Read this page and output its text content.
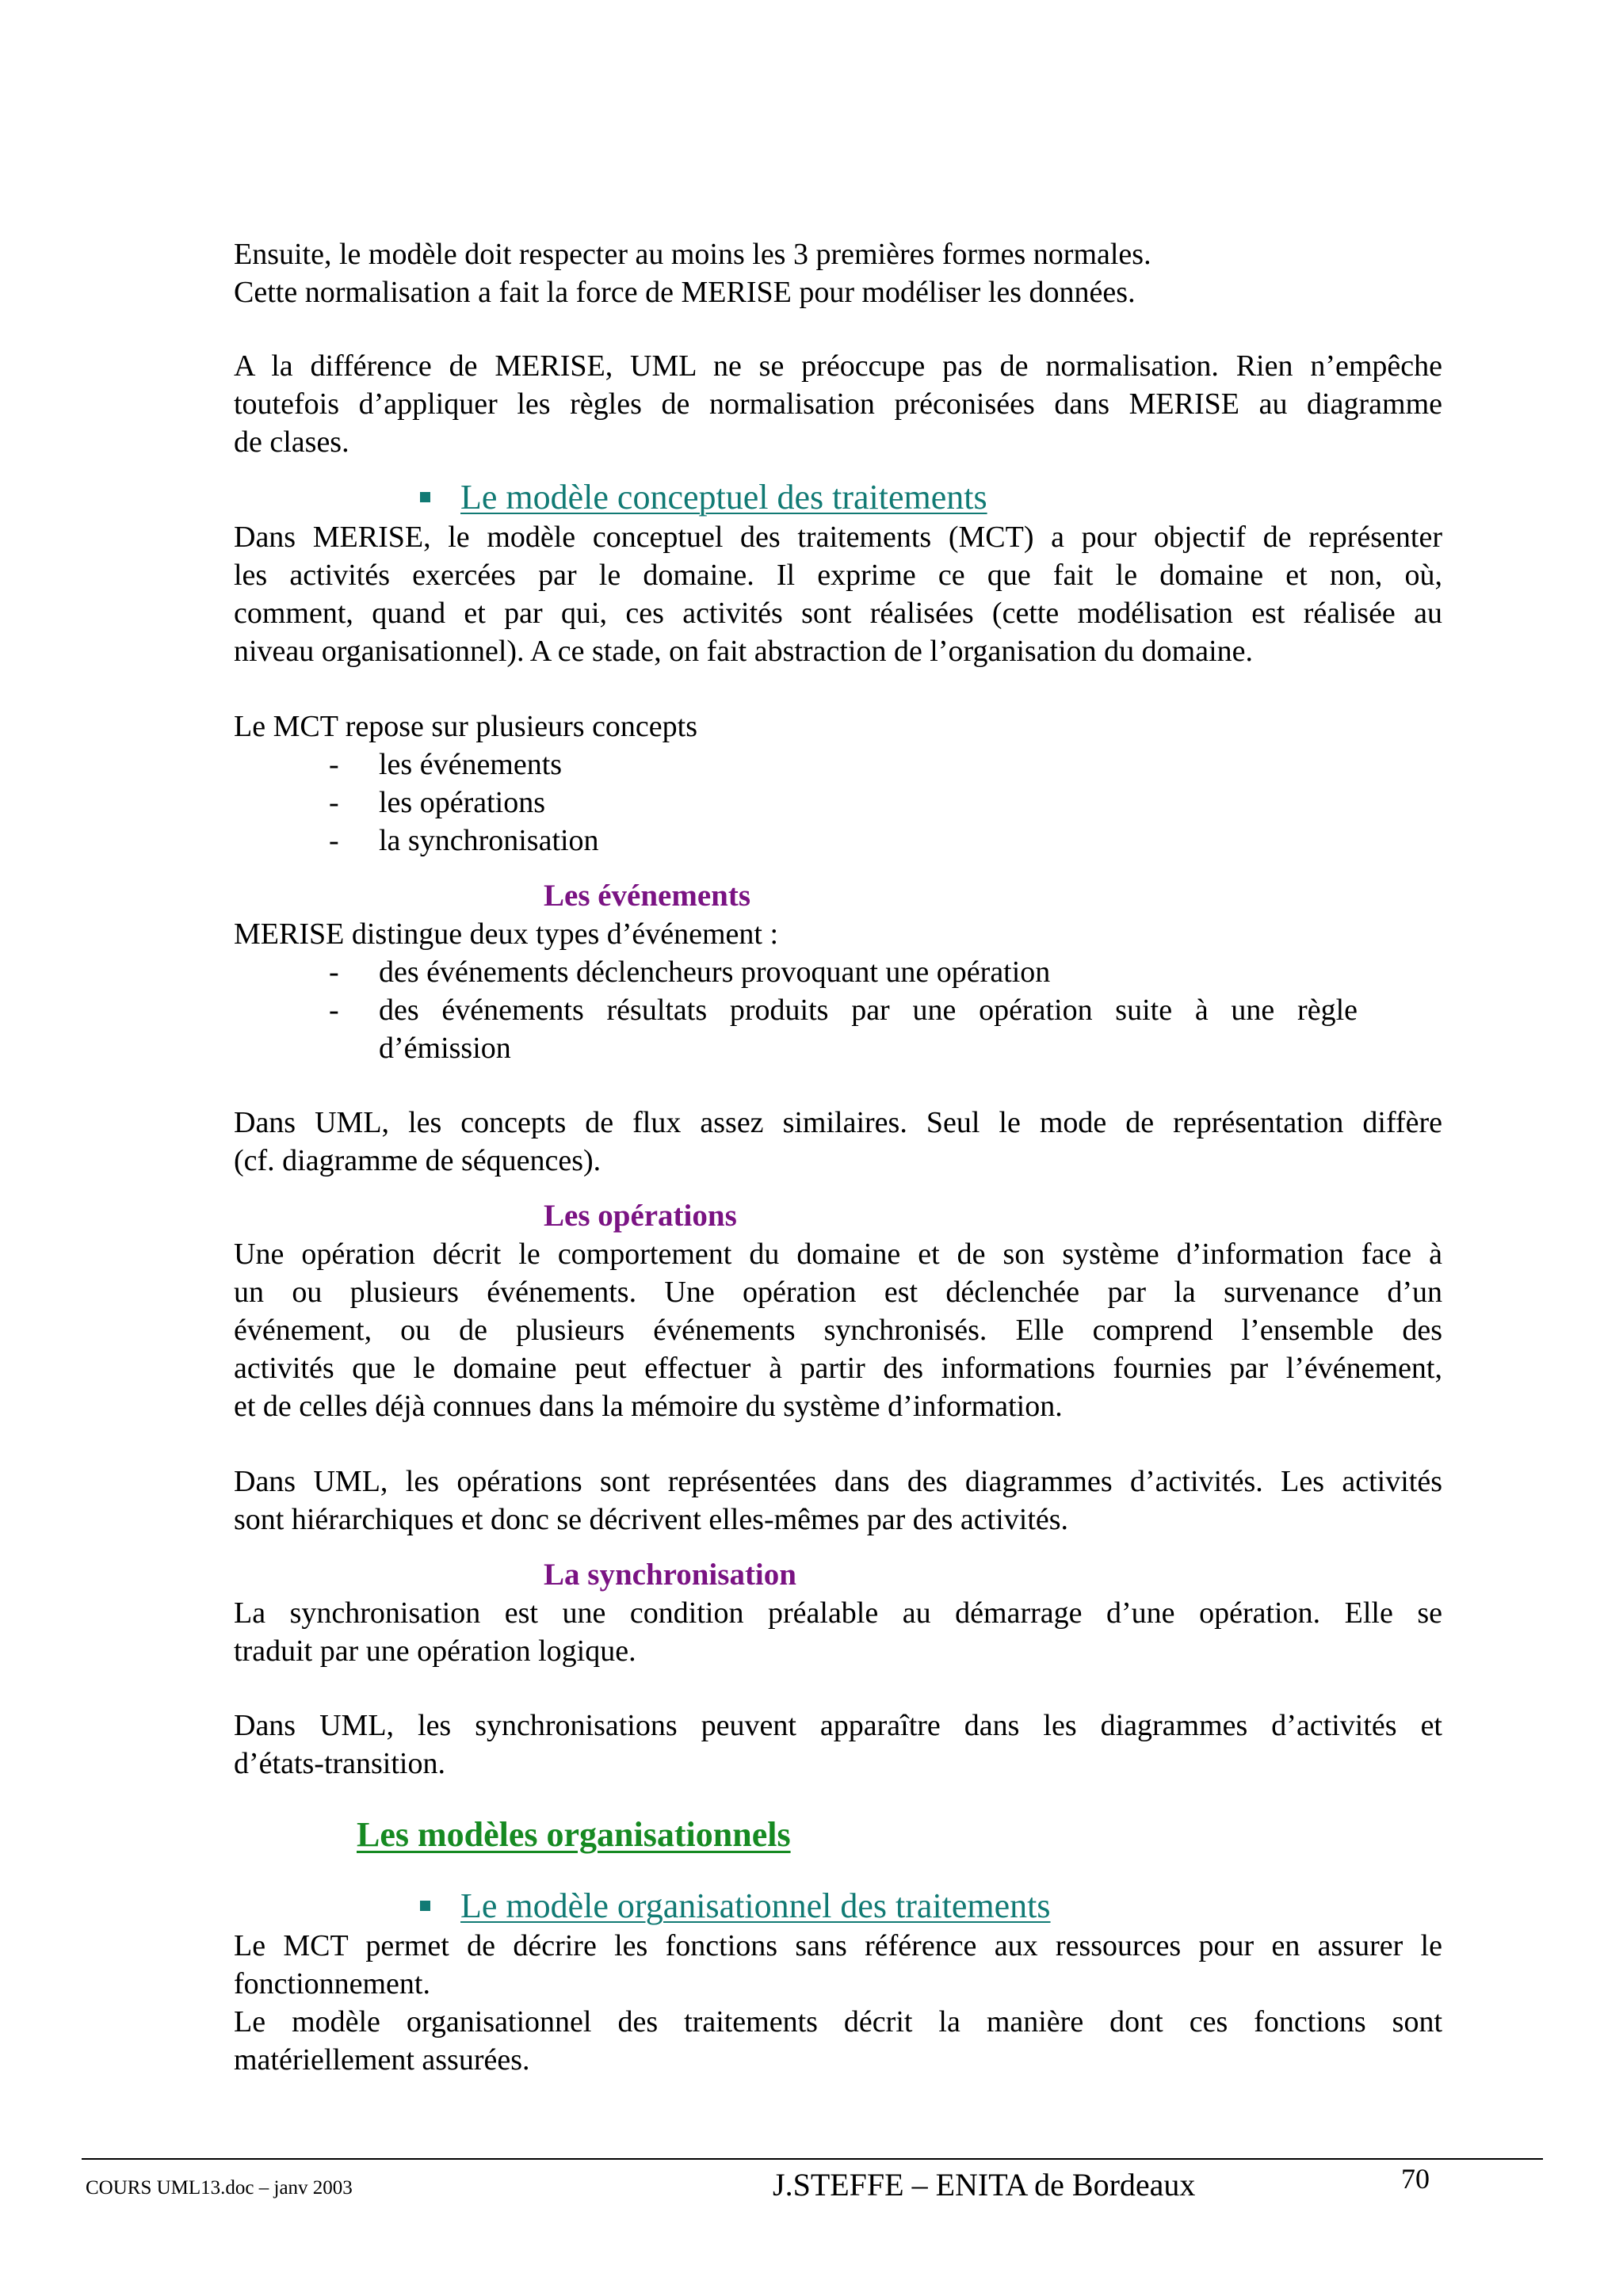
Ensuite, le modèle doit respecter au moins les 3 premières formes normales.
Cette normalisation a fait la force de MERISE pour modéliser les données.
A la différence de MERISE, UML ne se préoccupe pas de normalisation. Rien n’empêche
toutefois d’appliquer les règles de normalisation préconisées dans MERISE au diagramme
de clases.
Le modèle conceptuel des traitements
Dans MERISE, le modèle conceptuel des traitements (MCT) a pour objectif de représenter
les activités exercées par le domaine. Il exprime ce que fait le domaine et non, où,
comment, quand et par qui, ces activités sont réalisées (cette modélisation est réalisée au
niveau organisationnel). A ce stade, on fait abstraction de l’organisation du domaine.
Le MCT repose sur plusieurs concepts
- les événements
- les opérations
- la synchronisation
Les événements
MERISE distingue deux types d’événement :
- des événements déclencheurs provoquant une opération
- des événements résultats produits par une opération suite à une règle
d’émission
Dans UML, les concepts de flux assez similaires. Seul le mode de représentation diffère
(cf. diagramme de séquences).
Les opérations
Une opération décrit le comportement du domaine et de son système d’information face à
un ou plusieurs événements. Une opération est déclenchée par la survenance d’un
événement, ou de plusieurs événements synchronisés. Elle comprend l’ensemble des
activités que le domaine peut effectuer à partir des informations fournies par l’événement,
et de celles déjà connues dans la mémoire du système d’information.
Dans UML, les opérations sont représentées dans des diagrammes d’activités. Les activités
sont hiérarchiques et donc se décrivent elles-mêmes par des activités.
La synchronisation
La synchronisation est une condition préalable au démarrage d’une opération. Elle se
traduit par une opération logique.
Dans UML, les synchronisations peuvent apparaître dans les diagrammes d’activités et
d’états-transition.
Les modèles organisationnels
Le modèle organisationnel des traitements
Le MCT permet de décrire les fonctions sans référence aux ressources pour en assurer le
fonctionnement.
Le modèle organisationnel des traitements décrit la manière dont ces fonctions sont
matériellement assurées.
COURS UML13.doc – janv 2003	J.STEFFE – ENITA de Bordeaux	70
